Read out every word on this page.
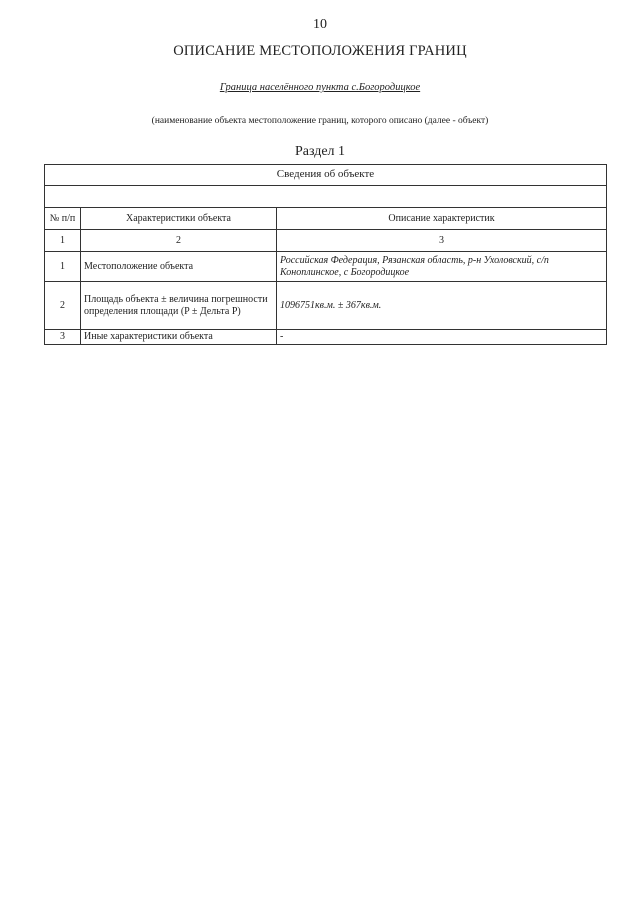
10
ОПИСАНИЕ МЕСТОПОЛОЖЕНИЯ ГРАНИЦ
Граница населённого пункта с.Богородицкое
(наименование объекта местоположение границ, которого описано (далее - объект)
Раздел 1
Сведения об объекте		

№ п/п	Характеристики объекта	Описание характеристик
1	2	3
1	Местоположение объекта	Российская Федерация, Рязанская область, р-н Ухоловский, с/п Коноплинское, с Богородицкое
2	Площадь объекта ± величина погрешности определения площади (P ± Дельта P)	1096751кв.м. ± 367кв.м.
3	Иные характеристики объекта	-
